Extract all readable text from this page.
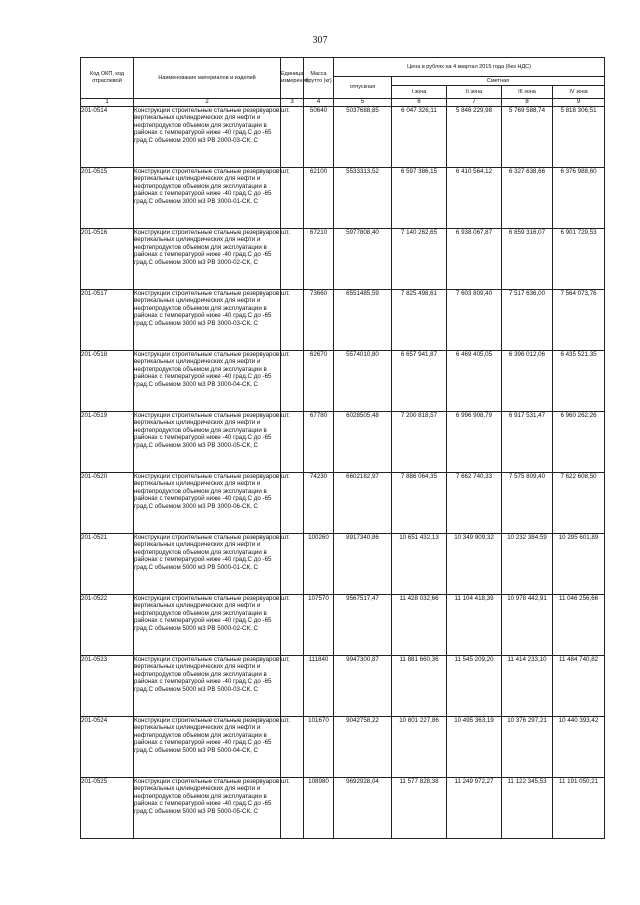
307
Код ОКП, код отраслевой	Наименование материалов и изделий	Единица измерения	Масса брутто (кг)	Цена в рублях на 4 квартал 2015 года (без НДС)				
				отпускная	Сметная			
					I зона	II зона	III зона	IV зона
1	2	3	4	5	6	7	8	9
201-0514	Конструкции строительные стальные резервуаров вертикальных цилиндрических для нефти и нефтепродуктов объемом для эксплуатации в районах с температурой ниже -40 град.С до -65 град.С объемом 2000 м3 РВ 2000-03-СК, С	шт.	50640	5037688,85	6 047 326,11	5 846 229,98	5 769 588,74	5 818 306,51
201-0515	Конструкции строительные стальные резервуаров вертикальных цилиндрических для нефти и нефтепродуктов объемом для эксплуатации в районах с температурой ниже -40 град.С до -65 град.С объемом 3000 м3 РВ 3000-01-СК, С	шт.	62100	5533313,52	6 597 386,15	6 410 564,12	6 327 638,66	6 376 988,60
201-0516	Конструкции строительные стальные резервуаров вертикальных цилиндрических для нефти и нефтепродуктов объемом для эксплуатации в районах с температурой ниже -40 град.С до -65 град.С объемом 3000 м3 РВ 3000-02-СК, С	шт.	67210	5977808,40	7 140 262,65	6 938 067,87	6 859 316,07	6 901 729,53
201-0517	Конструкции строительные стальные резервуаров вертикальных цилиндрических для нефти и нефтепродуктов объемом для эксплуатации в районах с температурой ниже -40 град.С до -65 град.С объемом 3000 м3 РВ 3000-03-СК, С	шт.	73660	6551485,59	7 825 498,61	7 603 809,40	7 517 636,00	7 564 073,76
201-0518	Конструкции строительные стальные резервуаров вертикальных цилиндрических для нефти и нефтепродуктов объемом для эксплуатации в районах с температурой ниже -40 град.С до -65 град.С объемом 3000 м3 РВ 3000-04-СК, С	шт.	62670	5574010,80	6 657 941,87	6 469 405,05	6 396 012,06	6 435 521,35
201-0519	Конструкции строительные стальные резервуаров вертикальных цилиндрических для нефти и нефтепродуктов объемом для эксплуатации в районах с температурой ниже -40 град.С до -65 град.С объемом 3000 м3 РВ 3000-05-СК, С	шт.	67780	6028505,48	7 200 818,57	6 996 908,79	6 917 531,47	6 960 262,26
201-0520	Конструкции строительные стальные резервуаров вертикальных цилиндрических для нефти и нефтепродуктов объемом для эксплуатации в районах с температурой ниже -40 град.С до -65 град.С объемом 3000 м3 РВ 3000-06-СК, С	шт.	74230	6602182,97	7 886 064,35	7 662 740,33	7 575 809,40	7 622 608,50
201-0521	Конструкции строительные стальные резервуаров вертикальных цилиндрических для нефти и нефтепродуктов объемом для эксплуатации в районах с температурой ниже -40 град.С до -65 град.С объемом 5000 м3 РВ 5000-01-СК, С	шт.	100260	8917340,86	10 651 432,13	10 349 909,32	10 232 384,59	10 295 601,89
201-0522	Конструкции строительные стальные резервуаров вертикальных цилиндрических для нефти и нефтепродуктов объемом для эксплуатации в районах с температурой ниже -40 град.С до -65 град.С объемом 5000 м3 РВ 5000-02-СК, С	шт.	107570	9567517,47	11 428 032,66	11 104 418,39	10 978 442,91	11 046 256,66
201-0523	Конструкции строительные стальные резервуаров вертикальных цилиндрических для нефти и нефтепродуктов объемом для эксплуатации в районах с температурой ниже -40 град.С до -65 град.С объемом 5000 м3 РВ 5000-03-СК, С	шт.	111840	9947300,87	11 881 660,36	11 545 209,20	11 414 233,10	11 484 740,82
201-0524	Конструкции строительные стальные резервуаров вертикальных цилиндрических для нефти и нефтепродуктов объемом для эксплуатации в районах с температурой ниже -40 град.С до -65 град.С объемом 5000 м3 РВ 5000-04-СК, С	шт.	101670	9042758,22	10 801 227,86	10 495 363,19	10 376 297,21	10 440 393,42
201-0525	Конструкции строительные стальные резервуаров вертикальных цилиндрических для нефти и нефтепродуктов объемом для эксплуатации в районах с температурой ниже -40 град.С до -65 град.С объемом 5000 м3 РВ 5000-05-СК, С	шт.	108980	9692928,04	11 577 828,38	11 249 972,27	11 122 345,53	11 191 050,21
